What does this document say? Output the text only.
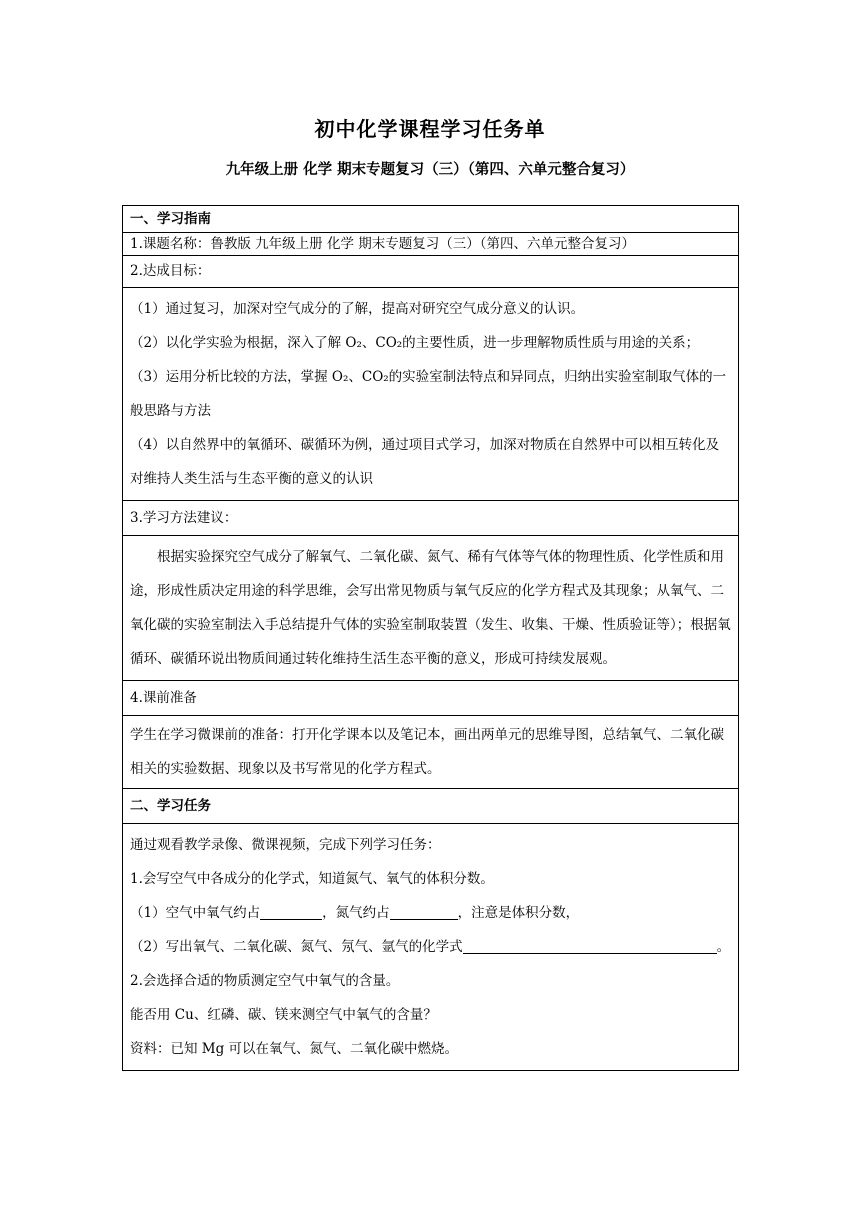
初中化学课程学习任务单
九年级上册 化学 期末专题复习（三）（第四、六单元整合复习）
一、学习指南
1.课题名称：鲁教版 九年级上册 化学 期末专题复习（三）（第四、六单元整合复习）
2.达成目标：

（1）通过复习，加深对空气成分的了解，提高对研究空气成分意义的认识。

（2）以化学实验为根据，深入了解 O₂、CO₂的主要性质，进一步理解物质性质与用途的关系；

（3）运用分析比较的方法，掌握 O₂、CO₂的实验室制法特点和异同点，归纳出实验室制取气体的一般思路与方法

（4）以自然界中的氧循环、碳循环为例，通过项目式学习，加深对物质在自然界中可以相互转化及对维持人类生活与生态平衡的意义的认识

3.学习方法建议：

根据实验探究空气成分了解氧气、二氧化碳、氮气、稀有气体等气体的物理性质、化学性质和用途，形成性质决定用途的科学思维，会写出常见物质与氧气反应的化学方程式及其现象；从氧气、二氧化碳的实验室制法入手总结提升气体的实验室制取装置（发生、收集、干燥、性质验证等）；根据氧循环、碳循环说出物质间通过转化维持生活生态平衡的意义，形成可持续发展观。

4.课前准备

学生在学习微课前的准备：打开化学课本以及笔记本，画出两单元的思维导图，总结氧气、二氧化碳相关的实验数据、现象以及书写常见的化学方程式。

二、学习任务

通过观看教学录像、微课视频，完成下列学习任务：

1.会写空气中各成分的化学式，知道氮气、氧气的体积分数。

（1）空气中氧气约占	，氮气约占	，注意是体积分数，

（2）写出氧气、二氧化碳、氮气、氖气、氩气的化学式	。

2.会选择合适的物质测定空气中氧气的含量。

能否用 Cu、红磷、碳、镁来测空气中氧气的含量？

资料：已知 Mg 可以在氧气、氮气、二氧化碳中燃烧。
